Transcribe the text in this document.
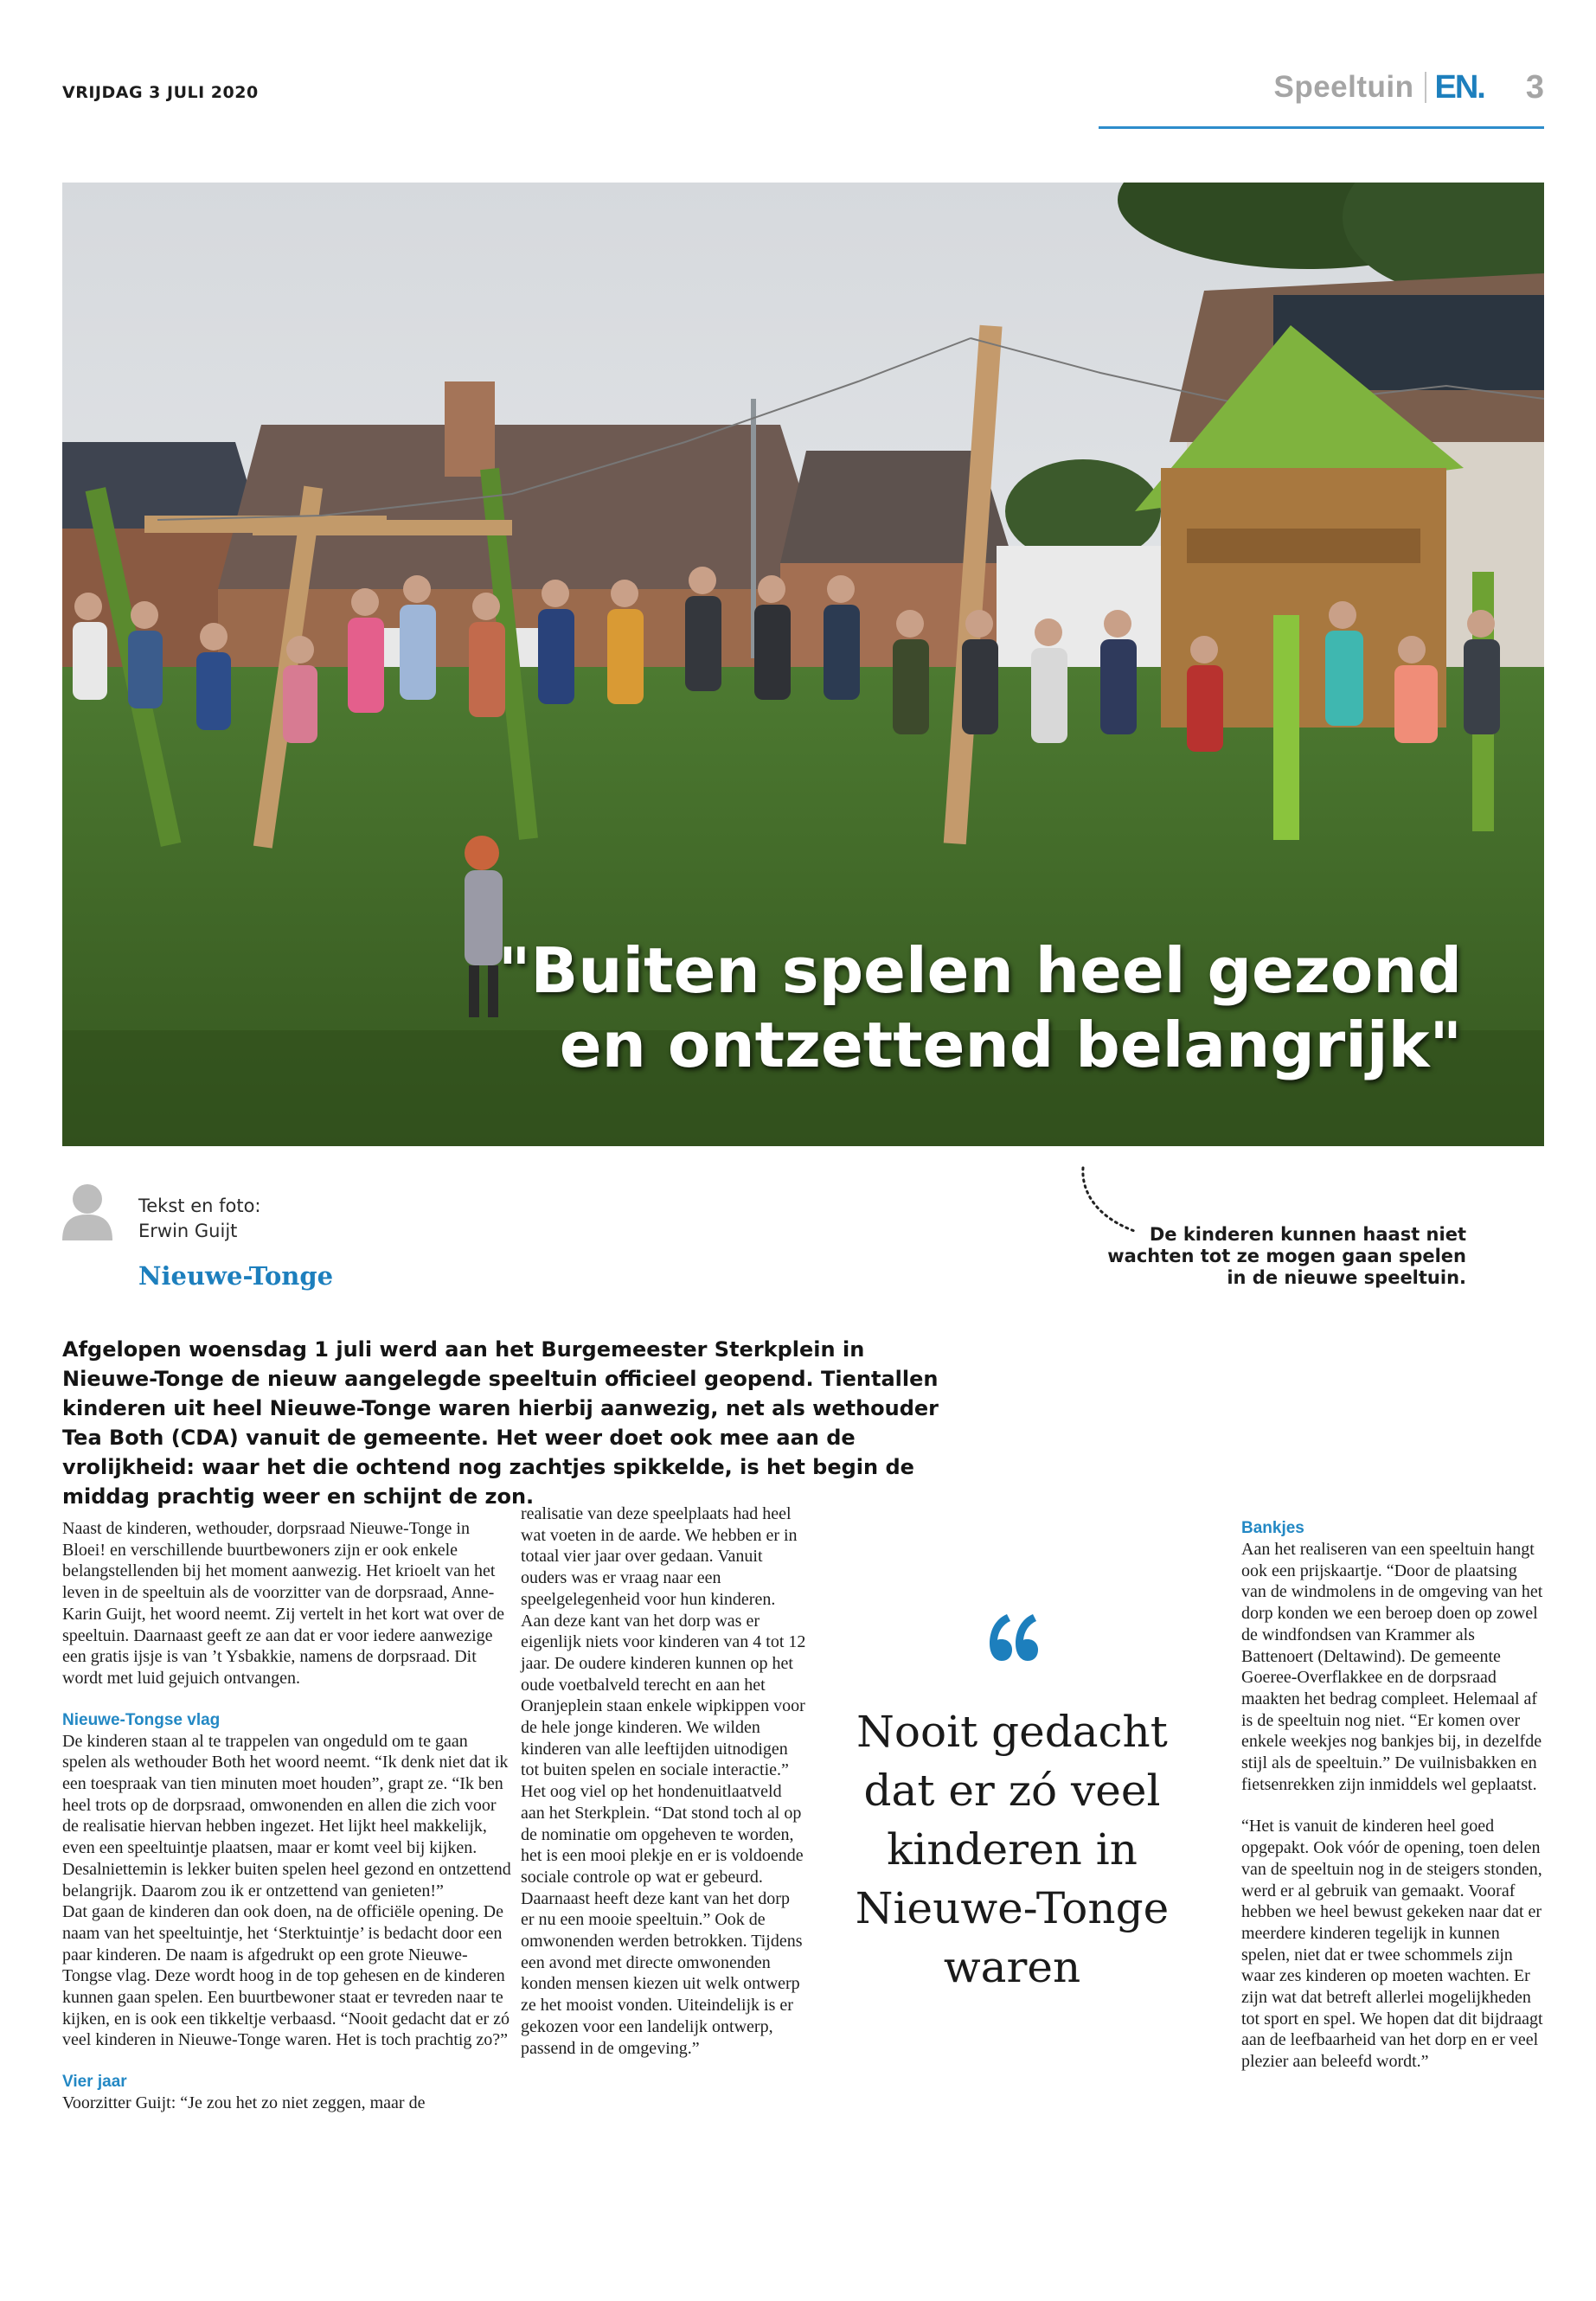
VRIJDAG 3 JULI 2020	Speeltuin EN. 3
"Buiten spelen heel gezond
en ontzettend belangrijk"
Tekst en foto:
Erwin Guijt
Nieuwe-Tonge
De kinderen kunnen haast niet wachten tot ze mogen gaan spelen in de nieuwe speeltuin.
Afgelopen woensdag 1 juli werd aan het Burgemeester Sterkplein in Nieuwe-Tonge de nieuw aangelegde speeltuin officieel geopend. Tientallen kinderen uit heel Nieuwe-Tonge waren hierbij aanwezig, net als wethouder Tea Both (CDA) vanuit de gemeente. Het weer doet ook mee aan de vrolijkheid: waar het die ochtend nog zachtjes spikkelde, is het begin de middag prachtig weer en schijnt de zon.

Naast de kinderen, wethouder, dorpsraad Nieuwe-Tonge in Bloei! en verschillende buurtbewoners zijn er ook enkele belangstellenden bij het moment aanwezig. Het krioelt van het leven in de speeltuin als de voorzitter van de dorpsraad, Anne-Karin Guijt, het woord neemt. Zij vertelt in het kort wat over de speeltuin. Daarnaast geeft ze aan dat er voor iedere aanwezige een gratis ijsje is van ’t Ysbakkie, namens de dorpsraad. Dit wordt met luid gejuich ontvangen.

Nieuwe-Tongse vlag

De kinderen staan al te trappelen van ongeduld om te gaan spelen als wethouder Both het woord neemt. “Ik denk niet dat ik een toespraak van tien minuten moet houden”, grapt ze. “Ik ben heel trots op de dorpsraad, omwonenden en allen die zich voor de realisatie hiervan hebben ingezet. Het lijkt heel makkelijk, even een speeltuintje plaatsen, maar er komt veel bij kijken. Desalniettemin is lekker buiten spelen heel gezond en ontzettend belangrijk. Daarom zou ik er ontzettend van genieten!”

Dat gaan de kinderen dan ook doen, na de officiële opening. De naam van het speeltuintje, het ‘Sterktuintje’ is bedacht door een paar kinderen. De naam is afgedrukt op een grote Nieuwe-Tongse vlag. Deze wordt hoog in de top gehesen en de kinderen kunnen gaan spelen. Een buurtbewoner staat er tevreden naar te kijken, en is ook een tikkeltje verbaasd. “Nooit gedacht dat er zó veel kinderen in Nieuwe-Tonge waren. Het is toch prachtig zo?”

Vier jaar

Voorzitter Guijt: “Je zou het zo niet zeggen, maar de

realisatie van deze speelplaats had heel wat voeten in de aarde. We hebben er in totaal vier jaar over gedaan. Vanuit ouders was er vraag naar een speelgelegenheid voor hun kinderen. Aan deze kant van het dorp was er eigenlijk niets voor kinderen van 4 tot 12 jaar. De oudere kinderen kunnen op het oude voetbalveld terecht en aan het Oranjeplein staan enkele wipkippen voor de hele jonge kinderen. We wilden kinderen van alle leeftijden uitnodigen tot buiten spelen en sociale interactie.”

Het oog viel op het hondenuitlaatveld aan het Sterkplein. “Dat stond toch al op de nominatie om opgeheven te worden, het is een mooi plekje en er is voldoende sociale controle op wat er gebeurd. Daarnaast heeft deze kant van het dorp er nu een mooie speeltuin.” Ook de omwonenden werden betrokken. Tijdens een avond met directe omwonenden konden mensen kiezen uit welk ontwerp ze het mooist vonden. Uiteindelijk is er gekozen voor een landelijk ontwerp, passend in de omgeving.”

Nooit gedacht dat er zó veel kinderen in Nieuwe-Tonge waren
Bankjes

Aan het realiseren van een speeltuin hangt ook een prijskaartje. “Door de plaatsing van de windmolens in de omgeving van het dorp konden we een beroep doen op zowel de windfondsen van Krammer als Battenoert (Deltawind). De gemeente Goeree-Overflakkee en de dorpsraad maakten het bedrag compleet. Helemaal af is de speeltuin nog niet. “Er komen over enkele weekjes nog bankjes bij, in dezelfde stijl als de speeltuin.” De vuilnisbakken en fietsenrekken zijn inmiddels wel geplaatst.

“Het is vanuit de kinderen heel goed opgepakt. Ook vóór de opening, toen delen van de speeltuin nog in de steigers stonden, werd er al gebruik van gemaakt. Vooraf hebben we heel bewust gekeken naar dat er meerdere kinderen tegelijk in kunnen spelen, niet dat er twee schommels zijn waar zes kinderen op moeten wachten. Er zijn wat dat betreft allerlei mogelijkheden tot sport en spel. We hopen dat dit bijdraagt aan de leefbaarheid van het dorp en er veel plezier aan beleefd wordt.”
